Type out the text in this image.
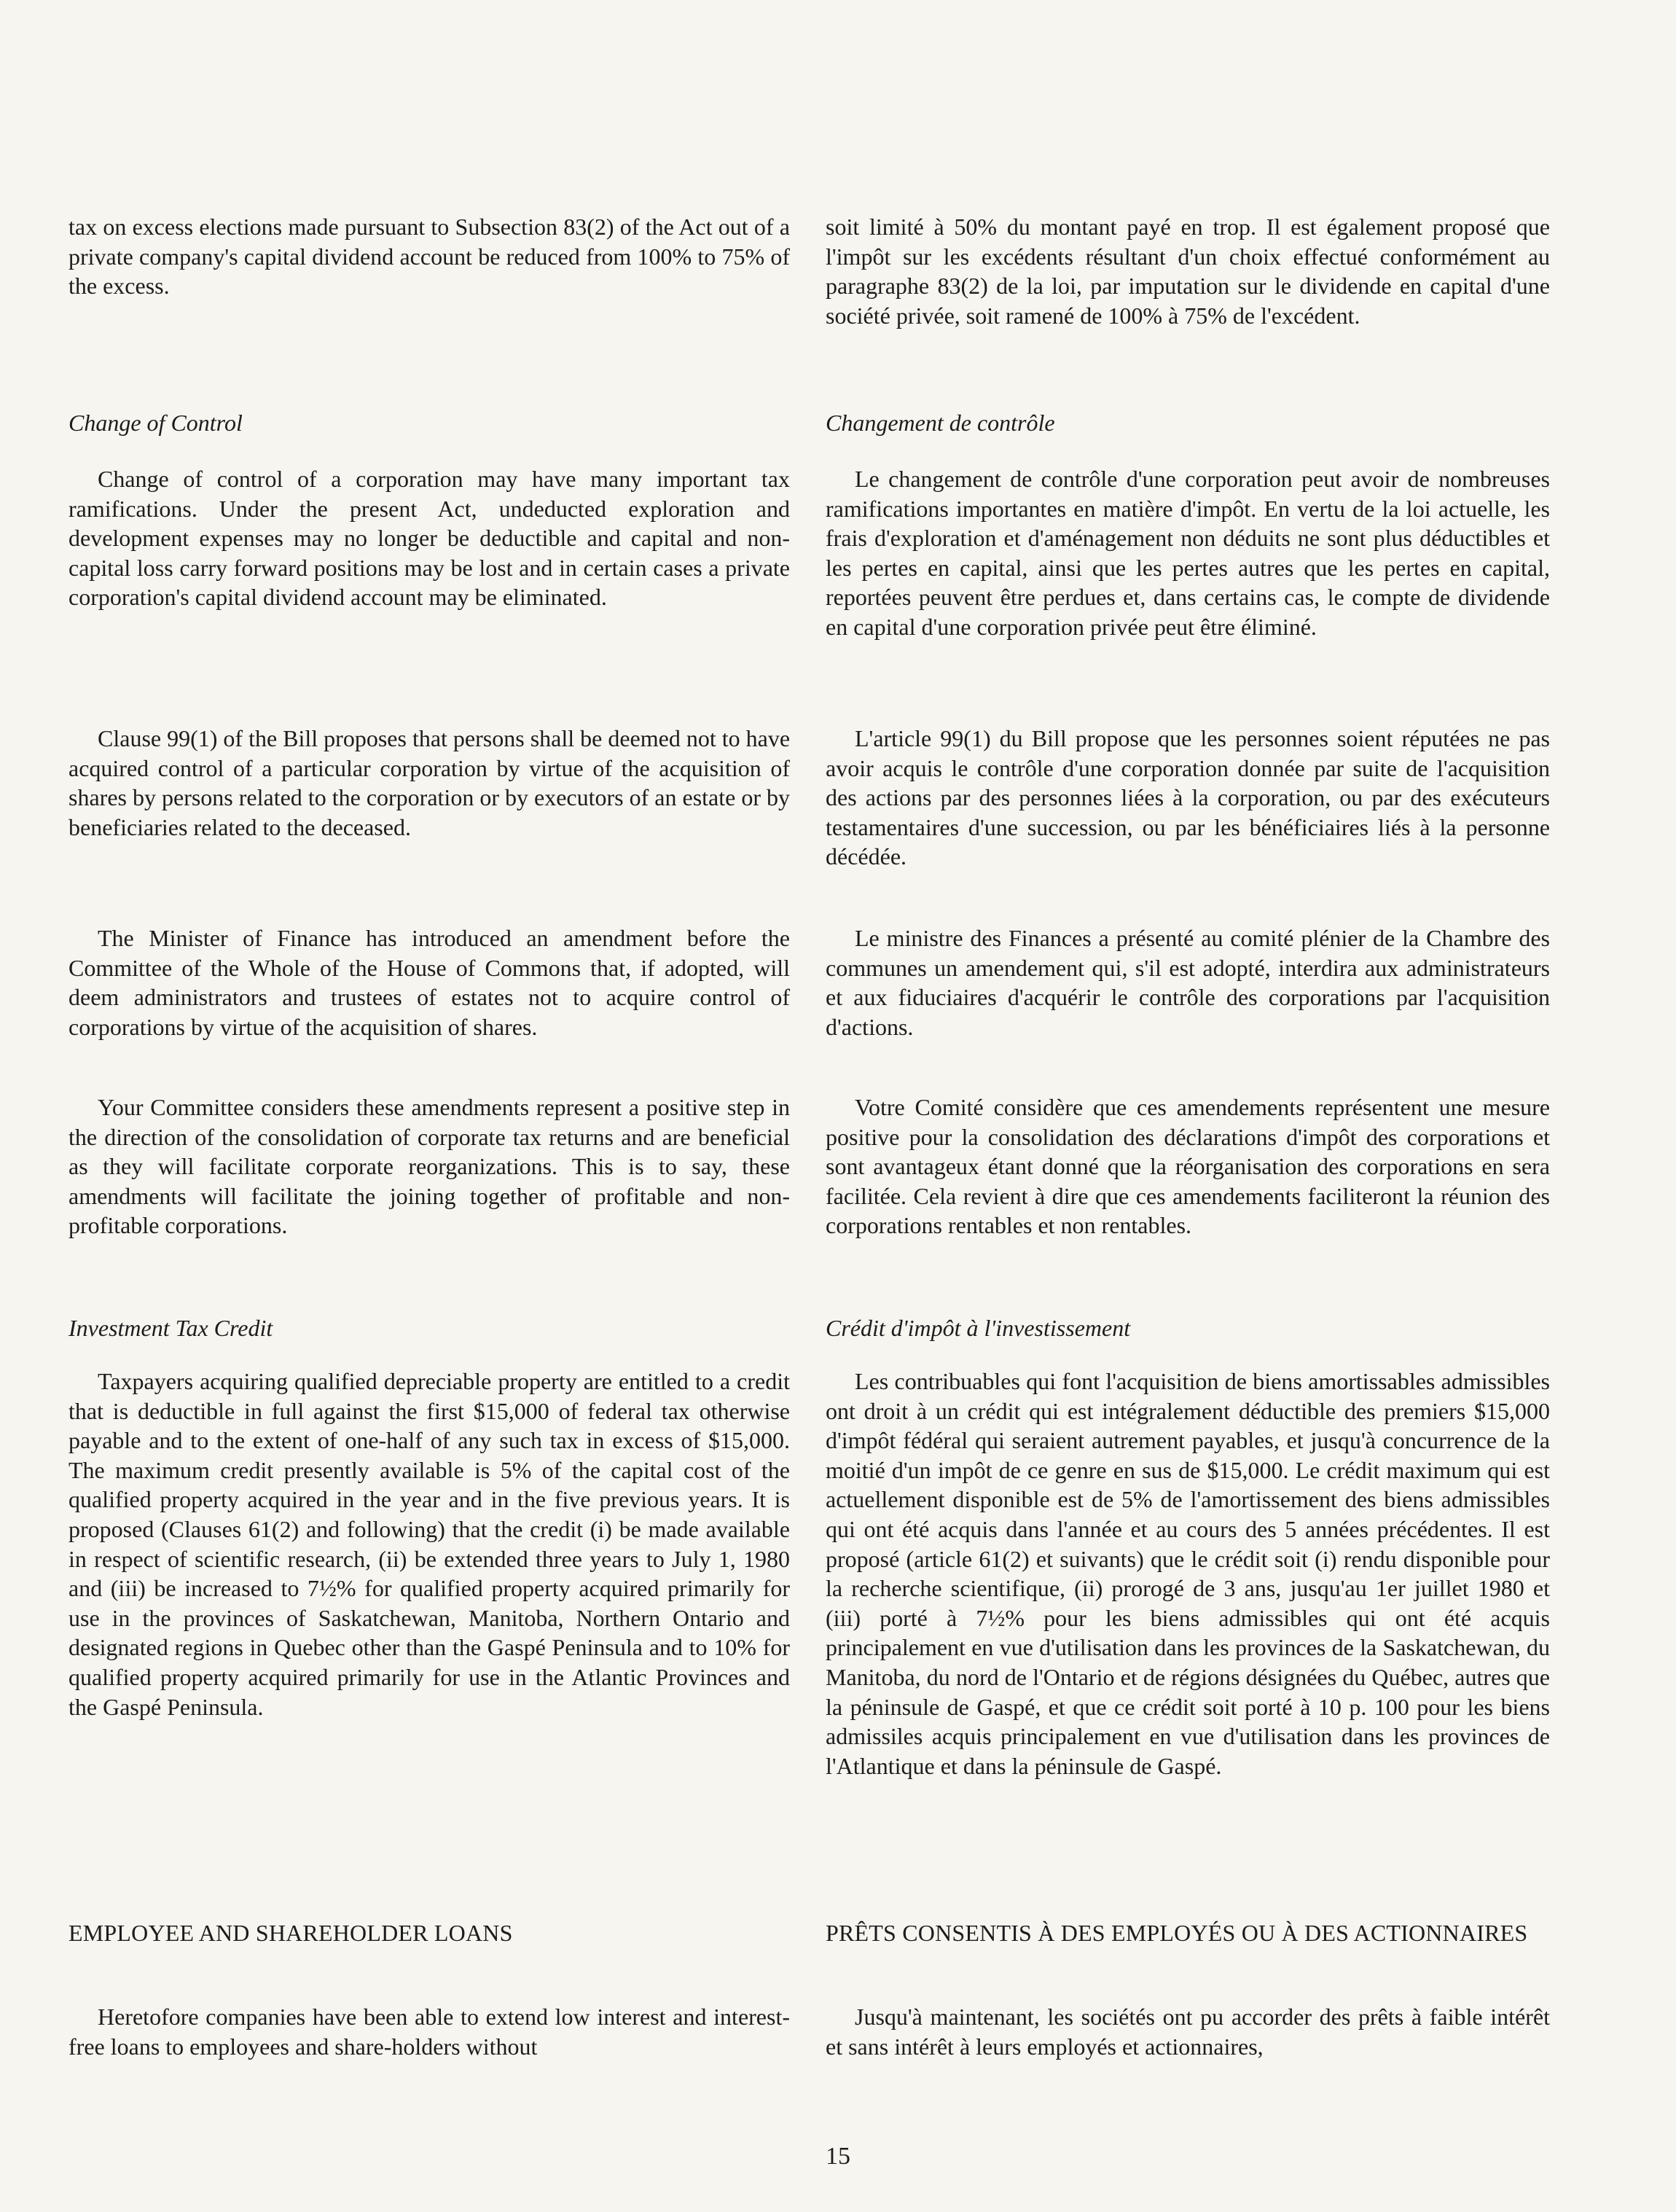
tax on excess elections made pursuant to Subsection 83(2) of the Act out of a private company's capital dividend account be reduced from 100% to 75% of the excess.

Change of Control

Change of control of a corporation may have many important tax ramifications. Under the present Act, undeducted exploration and development expenses may no longer be deductible and capital and non-capital loss carry forward positions may be lost and in certain cases a private corporation's capital dividend account may be eliminated.

Clause 99(1) of the Bill proposes that persons shall be deemed not to have acquired control of a particular corporation by virtue of the acquisition of shares by persons related to the corporation or by executors of an estate or by beneficiaries related to the deceased.

The Minister of Finance has introduced an amendment before the Committee of the Whole of the House of Commons that, if adopted, will deem administrators and trustees of estates not to acquire control of corporations by virtue of the acquisition of shares.

Your Committee considers these amendments represent a positive step in the direction of the consolidation of corporate tax returns and are beneficial as they will facilitate corporate reorganizations. This is to say, these amendments will facilitate the joining together of profitable and non-profitable corporations.

Investment Tax Credit

Taxpayers acquiring qualified depreciable property are entitled to a credit that is deductible in full against the first $15,000 of federal tax otherwise payable and to the extent of one-half of any such tax in excess of $15,000. The maximum credit presently available is 5% of the capital cost of the qualified property acquired in the year and in the five previous years. It is proposed (Clauses 61(2) and following) that the credit (i) be made available in respect of scientific research, (ii) be extended three years to July 1, 1980 and (iii) be increased to 7½% for qualified property acquired primarily for use in the provinces of Saskatchewan, Manitoba, Northern Ontario and designated regions in Quebec other than the Gaspé Peninsula and to 10% for qualified property acquired primarily for use in the Atlantic Provinces and the Gaspé Peninsula.

EMPLOYEE AND SHAREHOLDER LOANS

Heretofore companies have been able to extend low interest and interest-free loans to employees and share-holders without

soit limité à 50% du montant payé en trop. Il est également proposé que l'impôt sur les excédents résultant d'un choix effectué conformément au paragraphe 83(2) de la loi, par imputation sur le dividende en capital d'une société privée, soit ramené de 100% à 75% de l'excédent.

Changement de contrôle

Le changement de contrôle d'une corporation peut avoir de nombreuses ramifications importantes en matière d'impôt. En vertu de la loi actuelle, les frais d'exploration et d'aménagement non déduits ne sont plus déductibles et les pertes en capital, ainsi que les pertes autres que les pertes en capital, reportées peuvent être perdues et, dans certains cas, le compte de dividende en capital d'une corporation privée peut être éliminé.

L'article 99(1) du Bill propose que les personnes soient réputées ne pas avoir acquis le contrôle d'une corporation donnée par suite de l'acquisition des actions par des personnes liées à la corporation, ou par des exécuteurs testamentaires d'une succession, ou par les bénéficiaires liés à la personne décédée.

Le ministre des Finances a présenté au comité plénier de la Chambre des communes un amendement qui, s'il est adopté, interdira aux administrateurs et aux fiduciaires d'acquérir le contrôle des corporations par l'acquisition d'actions.

Votre Comité considère que ces amendements représentent une mesure positive pour la consolidation des déclarations d'impôt des corporations et sont avantageux étant donné que la réorganisation des corporations en sera facilitée. Cela revient à dire que ces amendements faciliteront la réunion des corporations rentables et non rentables.

Crédit d'impôt à l'investissement

Les contribuables qui font l'acquisition de biens amortissables admissibles ont droit à un crédit qui est intégralement déductible des premiers $15,000 d'impôt fédéral qui seraient autrement payables, et jusqu'à concurrence de la moitié d'un impôt de ce genre en sus de $15,000. Le crédit maximum qui est actuellement disponible est de 5% de l'amortissement des biens admissibles qui ont été acquis dans l'année et au cours des 5 années précédentes. Il est proposé (article 61(2) et suivants) que le crédit soit (i) rendu disponible pour la recherche scientifique, (ii) prorogé de 3 ans, jusqu'au 1er juillet 1980 et (iii) porté à 7½% pour les biens admissibles qui ont été acquis principalement en vue d'utilisation dans les provinces de la Saskatchewan, du Manitoba, du nord de l'Ontario et de régions désignées du Québec, autres que la péninsule de Gaspé, et que ce crédit soit porté à 10 p. 100 pour les biens admissiles acquis principalement en vue d'utilisation dans les provinces de l'Atlantique et dans la péninsule de Gaspé.

PRÊTS CONSENTIS À DES EMPLOYÉS OU À DES ACTIONNAIRES

Jusqu'à maintenant, les sociétés ont pu accorder des prêts à faible intérêt et sans intérêt à leurs employés et actionnaires,

15
